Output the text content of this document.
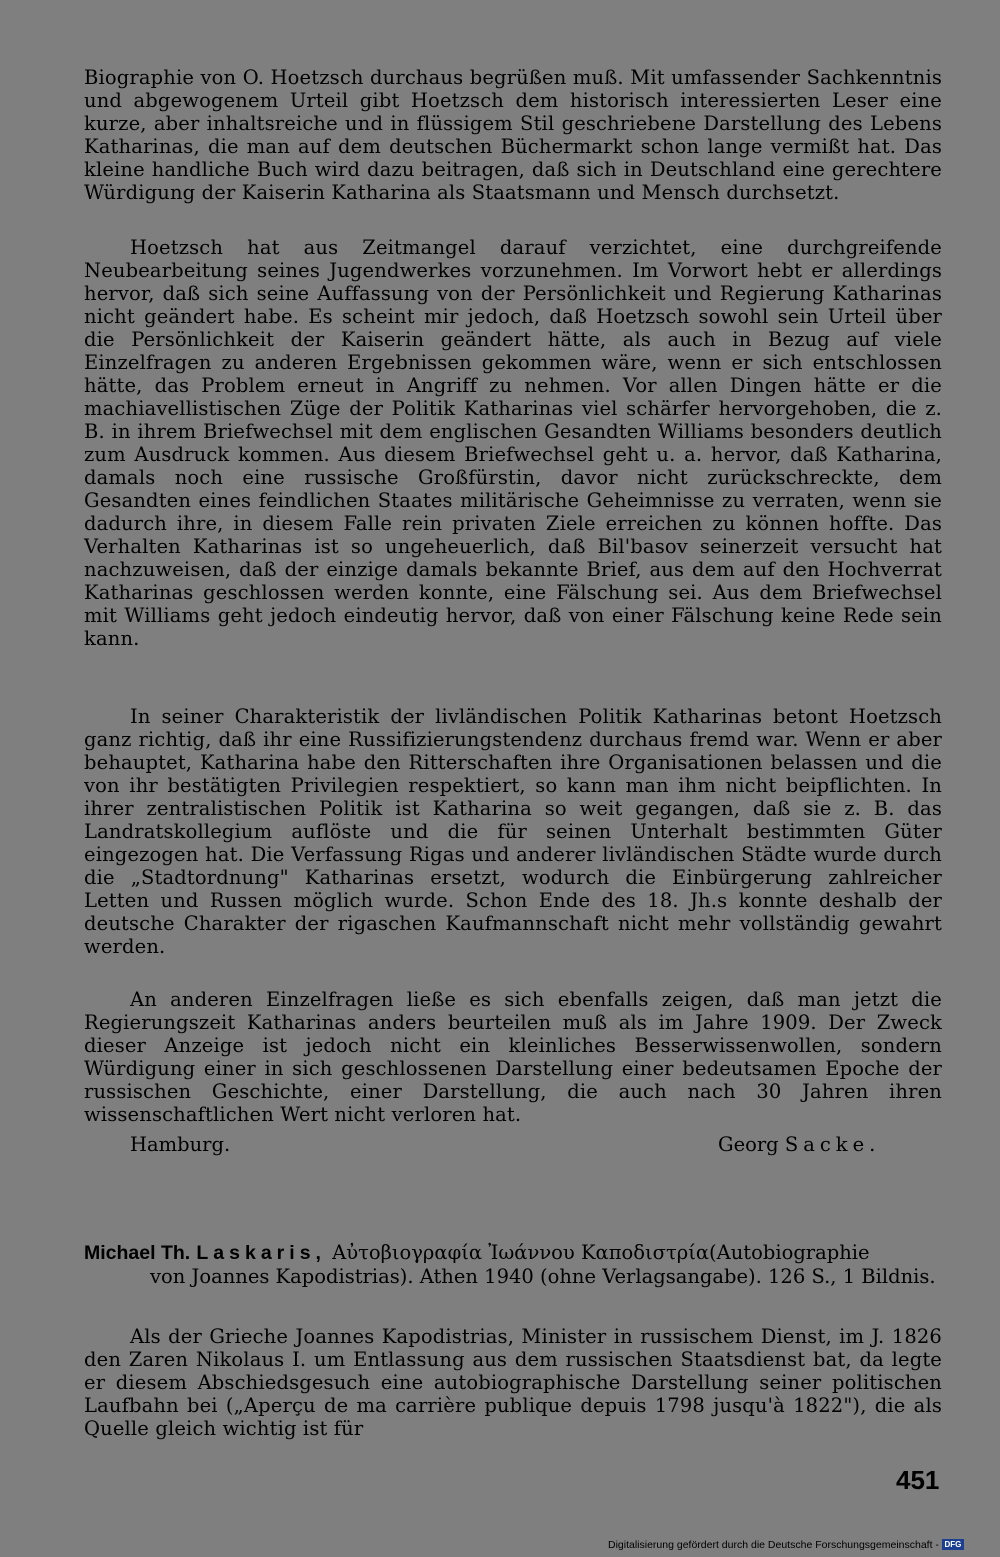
Biographie von O. Hoetzsch durchaus begrüßen muß. Mit umfassender Sachkenntnis und abgewogenem Urteil gibt Hoetzsch dem historisch interessierten Leser eine kurze, aber inhaltsreiche und in flüssigem Stil geschriebene Darstellung des Lebens Katharinas, die man auf dem deutschen Büchermarkt schon lange vermißt hat. Das kleine handliche Buch wird dazu beitragen, daß sich in Deutschland eine gerechtere Würdigung der Kaiserin Katharina als Staatsmann und Mensch durchsetzt.

Hoetzsch hat aus Zeitmangel darauf verzichtet, eine durchgreifende Neubearbeitung seines Jugendwerkes vorzunehmen. Im Vorwort hebt er allerdings hervor, daß sich seine Auffassung von der Persönlichkeit und Regierung Katharinas nicht geändert habe. Es scheint mir jedoch, daß Hoetzsch sowohl sein Urteil über die Persönlichkeit der Kaiserin geändert hätte, als auch in Bezug auf viele Einzelfragen zu anderen Ergebnissen gekommen wäre, wenn er sich entschlossen hätte, das Problem erneut in Angriff zu nehmen. Vor allen Dingen hätte er die machiavellistischen Züge der Politik Katharinas viel schärfer hervorgehoben, die z. B. in ihrem Briefwechsel mit dem englischen Gesandten Williams besonders deutlich zum Ausdruck kommen. Aus diesem Briefwechsel geht u. a. hervor, daß Katharina, damals noch eine russische Großfürstin, davor nicht zurückschreckte, dem Gesandten eines feindlichen Staates militärische Geheimnisse zu verraten, wenn sie dadurch ihre, in diesem Falle rein privaten Ziele erreichen zu können hoffte. Das Verhalten Katharinas ist so ungeheuerlich, daß Bil'basov seinerzeit versucht hat nachzuweisen, daß der einzige damals bekannte Brief, aus dem auf den Hochverrat Katharinas geschlossen werden konnte, eine Fälschung sei. Aus dem Briefwechsel mit Williams geht jedoch eindeutig hervor, daß von einer Fälschung keine Rede sein kann.

In seiner Charakteristik der livländischen Politik Katharinas betont Hoetzsch ganz richtig, daß ihr eine Russifizierungstendenz durchaus fremd war. Wenn er aber behauptet, Katharina habe den Ritterschaften ihre Organisationen belassen und die von ihr bestätigten Privilegien respektiert, so kann man ihm nicht beipflichten. In ihrer zentralistischen Politik ist Katharina so weit gegangen, daß sie z. B. das Landratskollegium auflöste und die für seinen Unterhalt bestimmten Güter eingezogen hat. Die Verfassung Rigas und anderer livländischen Städte wurde durch die „Stadtordnung" Katharinas ersetzt, wodurch die Einbürgerung zahlreicher Letten und Russen möglich wurde. Schon Ende des 18. Jh.s konnte deshalb der deutsche Charakter der rigaschen Kaufmannschaft nicht mehr vollständig gewahrt werden.

An anderen Einzelfragen ließe es sich ebenfalls zeigen, daß man jetzt die Regierungszeit Katharinas anders beurteilen muß als im Jahre 1909. Der Zweck dieser Anzeige ist jedoch nicht ein kleinliches Besserwissenwollen, sondern Würdigung einer in sich geschlossenen Darstellung einer bedeutsamen Epoche der russischen Geschichte, einer Darstellung, die auch nach 30 Jahren ihren wissenschaftlichen Wert nicht verloren hat.

Hamburg.	Georg Sacke.

Michael Th. Laskaris, Αὐτοβιογραφία Ἰωάννου Καποδιστρία(Autobiographie
von Joannes Kapodistrias). Athen 1940 (ohne Verlagsangabe). 126 S., 1 Bildnis.

Als der Grieche Joannes Kapodistrias, Minister in russischem Dienst, im J. 1826 den Zaren Nikolaus I. um Entlassung aus dem russischen Staatsdienst bat, da legte er diesem Abschiedsgesuch eine autobiographische Darstellung seiner politischen Laufbahn bei („Aperçu de ma carrière publique depuis 1798 jusqu'à 1822"), die als Quelle gleich wichtig ist für

451
Digitalisierung gefördert durch die Deutsche Forschungsgemeinschaft - DFG
